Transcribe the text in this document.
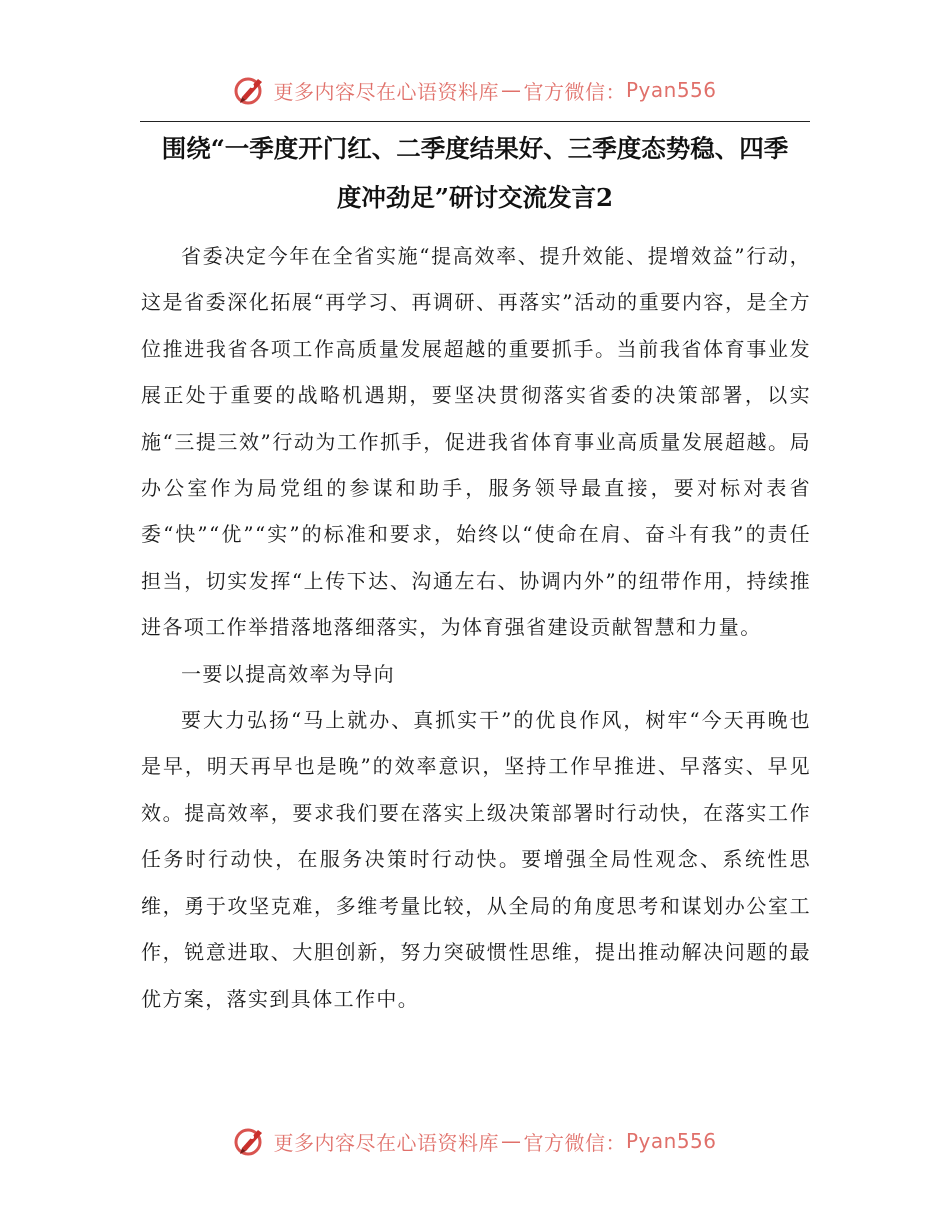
更多内容尽在心语资料库 — 官方微信： Pyan556
围绕“一季度开门红、二季度结果好、三季度态势稳、四季
度冲劲足”研讨交流发言2

省委决定今年在全省实施“提高效率、提升效能、提增效益”行动，这是省委深化拓展“再学习、再调研、再落实”活动的重要内容，是全方位推进我省各项工作高质量发展超越的重要抓手。当前我省体育事业发展正处于重要的战略机遇期，要坚决贯彻落实省委的决策部署，以实施“三提三效”行动为工作抓手，促进我省体育事业高质量发展超越。局办公室作为局党组的参谋和助手，服务领导最直接，要对标对表省委“快”“优”“实”的标准和要求，始终以“使命在肩、奋斗有我”的责任担当，切实发挥“上传下达、沟通左右、协调内外”的纽带作用，持续推进各项工作举措落地落细落实，为体育强省建设贡献智慧和力量。

一要以提高效率为导向

要大力弘扬“马上就办、真抓实干”的优良作风，树牢“今天再晚也是早，明天再早也是晚”的效率意识，坚持工作早推进、早落实、早见效。提高效率，要求我们要在落实上级决策部署时行动快，在落实工作任务时行动快，在服务决策时行动快。要增强全局性观念、系统性思维，勇于攻坚克难，多维考量比较，从全局的角度思考和谋划办公室工作，锐意进取、大胆创新，努力突破惯性思维，提出推动解决问题的最优方案，落实到具体工作中。

更多内容尽在心语资料库 — 官方微信： Pyan556
